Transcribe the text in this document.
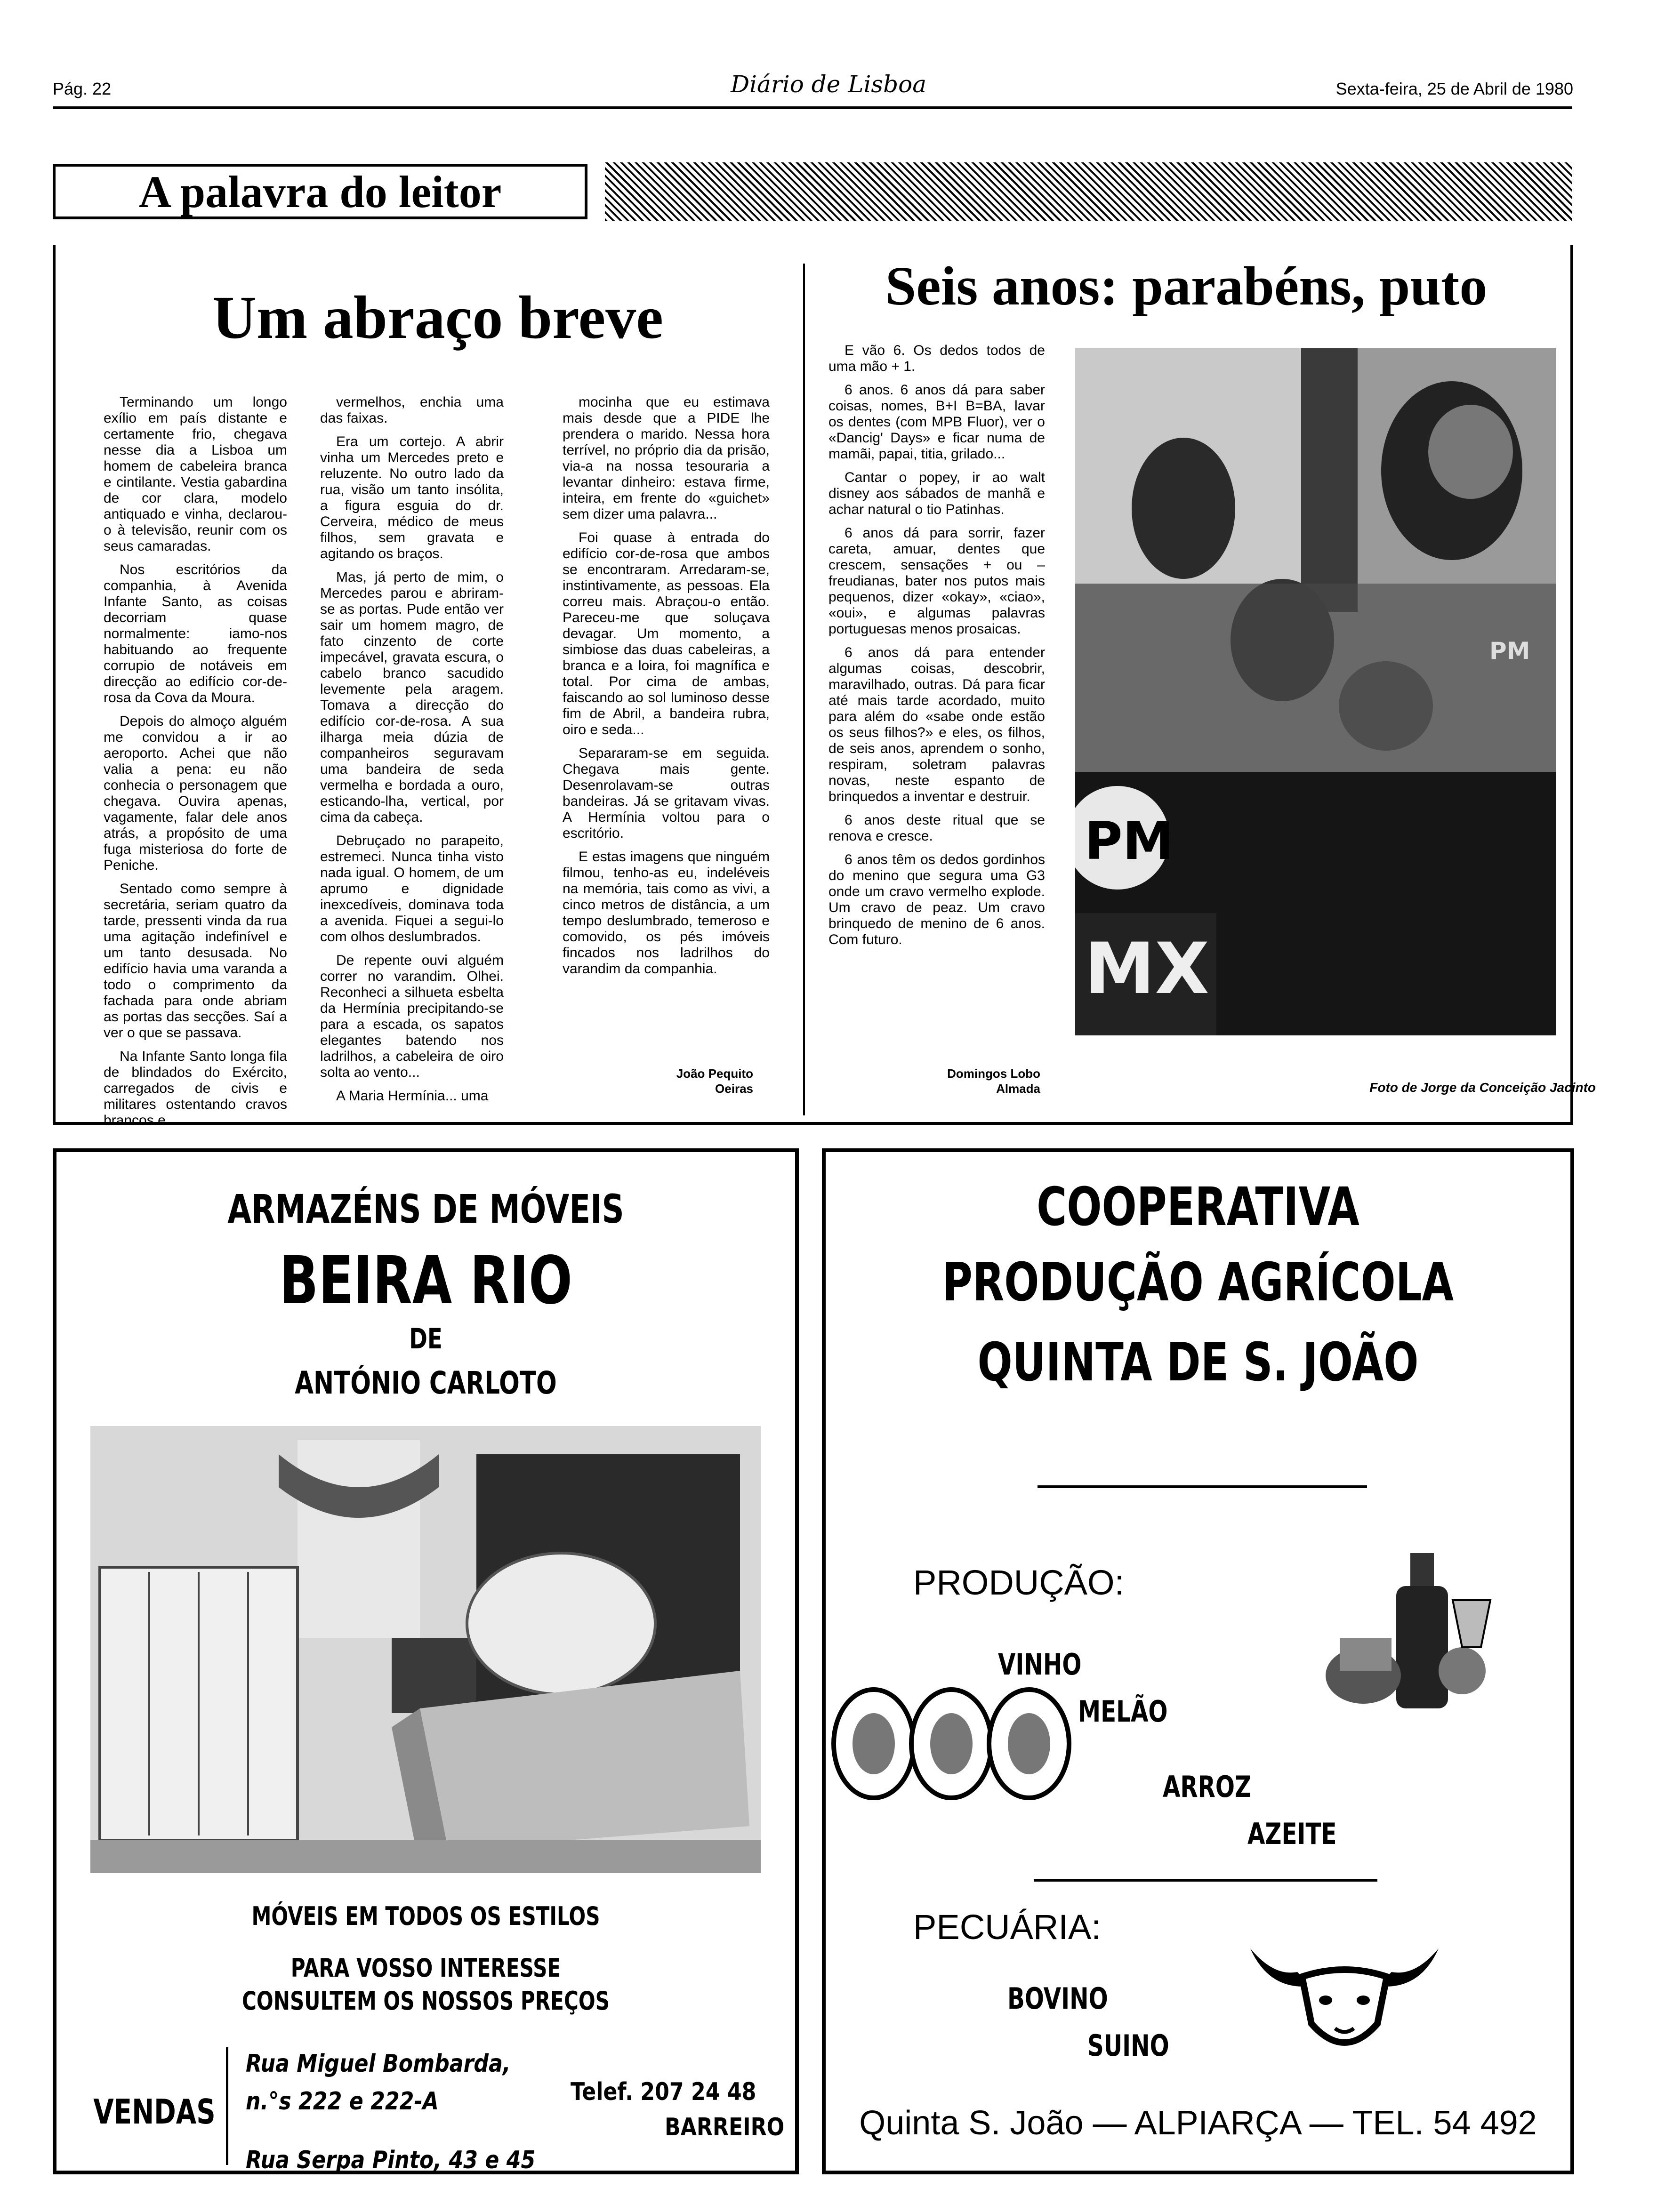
Pág. 22	Diário de Lisboa	Sexta-feira, 25 de Abril de 1980
A palavra do leitor
Um abraço breve

Terminando um longo exílio em país distante e certamente frio, chegava nesse dia a Lisboa um homem de cabeleira branca e cintilante. Vestia gabardina de cor clara, modelo antiquado e vinha, declarou-o à televisão, reunir com os seus camaradas.

Nos escritórios da companhia, à Avenida Infante Santo, as coisas decorriam quase normalmente: iamo-nos habituando ao frequente corrupio de notáveis em direcção ao edifício cor-de-rosa da Cova da Moura.

Depois do almoço alguém me convidou a ir ao aeroporto. Achei que não valia a pena: eu não conhecia o personagem que chegava. Ouvira apenas, vagamente, falar dele anos atrás, a propósito de uma fuga misteriosa do forte de Peniche.

Sentado como sempre à secretária, seriam quatro da tarde, pressenti vinda da rua uma agitação indefinível e um tanto desusada. No edifício havia uma varanda a todo o comprimento da fachada para onde abriam as portas das secções. Saí a ver o que se passava.

Na Infante Santo longa fila de blindados do Exército, carregados de civis e militares ostentando cravos brancos e

vermelhos, enchia uma das faixas.

Era um cortejo. A abrir vinha um Mercedes preto e reluzente. No outro lado da rua, visão um tanto insólita, a figura esguia do dr. Cerveira, médico de meus filhos, sem gravata e agitando os braços.

Mas, já perto de mim, o Mercedes parou e abriram-se as portas. Pude então ver sair um homem magro, de fato cinzento de corte impecável, gravata escura, o cabelo branco sacudido levemente pela aragem. Tomava a direcção do edifício cor-de-rosa. A sua ilharga meia dúzia de companheiros seguravam uma bandeira de seda vermelha e bordada a ouro, esticando-lha, vertical, por cima da cabeça.

Debruçado no parapeito, estremeci. Nunca tinha visto nada igual. O homem, de um aprumo e dignidade inexcedíveis, dominava toda a avenida. Fiquei a segui-lo com olhos deslumbrados.

De repente ouvi alguém correr no varandim. Olhei. Reconheci a silhueta esbelta da Hermínia precipitando-se para a escada, os sapatos elegantes batendo nos ladrilhos, a cabeleira de oiro solta ao vento...

A Maria Hermínia... uma

mocinha que eu estimava mais desde que a PIDE lhe prendera o marido. Nessa hora terrível, no próprio dia da prisão, via-a na nossa tesouraria a levantar dinheiro: estava firme, inteira, em frente do «guichet» sem dizer uma palavra...

Foi quase à entrada do edifício cor-de-rosa que ambos se encontraram. Arredaram-se, instintivamente, as pessoas. Ela correu mais. Abraçou-o então. Pareceu-me que soluçava devagar. Um momento, a simbiose das duas cabeleiras, a branca e a loira, foi magnífica e total. Por cima de ambas, faiscando ao sol luminoso desse fim de Abril, a bandeira rubra, oiro e seda...

Separaram-se em seguida. Chegava mais gente. Desenrolavam-se outras bandeiras. Já se gritavam vivas. A Hermínia voltou para o escritório.

E estas imagens que ninguém filmou, tenho-as eu, indeléveis na memória, tais como as vivi, a cinco metros de distância, a um tempo deslumbrado, temeroso e comovido, os pés imóveis fincados nos ladrilhos do varandim da companhia.

João Pequito
Oeiras
Seis anos: parabéns, puto

E vão 6. Os dedos todos de uma mão + 1.

6 anos. 6 anos dá para saber coisas, nomes, B+I B=BA, lavar os dentes (com MPB Fluor), ver o «Dancig' Days» e ficar numa de mamãi, papai, titia, grilado...

Cantar o popey, ir ao walt disney aos sábados de manhã e achar natural o tio Patinhas.

6 anos dá para sorrir, fazer careta, amuar, dentes que crescem, sensações + ou – freudianas, bater nos putos mais pequenos, dizer «okay», «ciao», «oui», e algumas palavras portuguesas menos prosaicas.

6 anos dá para entender algumas coisas, descobrir, maravilhado, outras. Dá para ficar até mais tarde acordado, muito para além do «sabe onde estão os seus filhos?» e eles, os filhos, de seis anos, aprendem o sonho, respiram, soletram palavras novas, neste espanto de brinquedos a inventar e destruir.

6 anos deste ritual que se renova e cresce.

6 anos têm os dedos gordinhos do menino que segura uma G3 onde um cravo vermelho explode. Um cravo de peaz. Um cravo brinquedo de menino de 6 anos. Com futuro.

Domingos Lobo
Almada
PM
PM
MX
Foto de Jorge da Conceição Jacinto
ARMAZÉNS DE MÓVEIS
BEIRA RIO
DE
ANTÓNIO CARLOTO
MÓVEIS EM TODOS OS ESTILOS
PARA VOSSO INTERESSE
CONSULTEM OS NOSSOS PREÇOS
VENDAS
Rua Miguel Bombarda,
n.°s 222 e 222-A
Rua Serpa Pinto, 43 e 45
Telef. 207 24 48
BARREIRO
COOPERATIVA
PRODUÇÃO AGRÍCOLA
QUINTA DE S. JOÃO
PRODUÇÃO:
VINHO
MELÃO
ARROZ
AZEITE
PECUÁRIA:
BOVINO
SUINO
Quinta S. João — ALPIARÇA — TEL. 54 492
